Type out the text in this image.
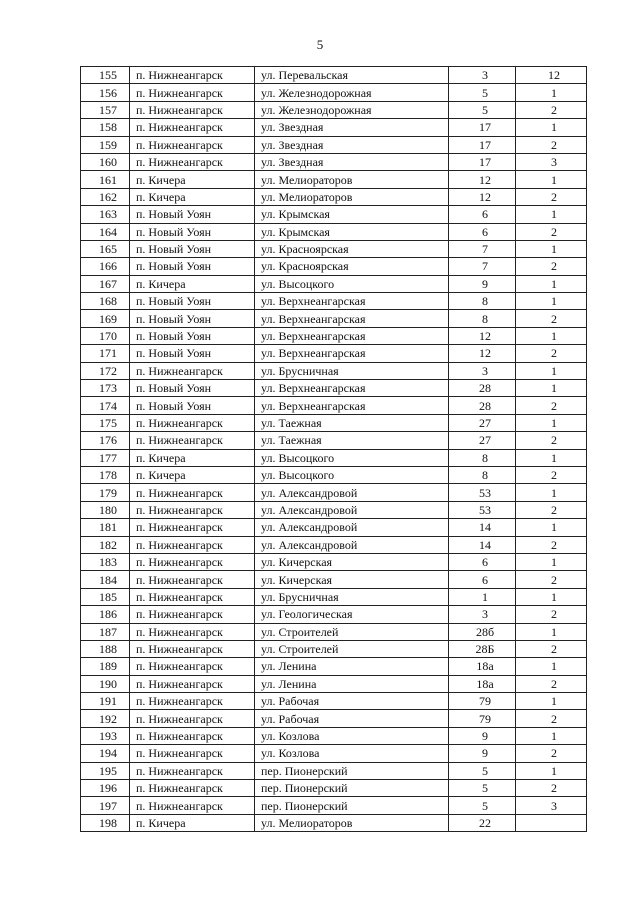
5
155	п. Нижнеангарск	ул. Перевальская	3	12
156	п. Нижнеангарск	ул. Железнодорожная	5	1
157	п. Нижнеангарск	ул. Железнодорожная	5	2
158	п. Нижнеангарск	ул. Звездная	17	1
159	п. Нижнеангарск	ул. Звездная	17	2
160	п. Нижнеангарск	ул. Звездная	17	3
161	п. Кичера	ул. Мелиораторов	12	1
162	п. Кичера	ул. Мелиораторов	12	2
163	п. Новый Уоян	ул. Крымская	6	1
164	п. Новый Уоян	ул. Крымская	6	2
165	п. Новый Уоян	ул. Красноярская	7	1
166	п. Новый Уоян	ул. Красноярская	7	2
167	п. Кичера	ул. Высоцкого	9	1
168	п. Новый Уоян	ул. Верхнеангарская	8	1
169	п. Новый Уоян	ул. Верхнеангарская	8	2
170	п. Новый Уоян	ул. Верхнеангарская	12	1
171	п. Новый Уоян	ул. Верхнеангарская	12	2
172	п. Нижнеангарск	ул. Брусничная	3	1
173	п. Новый Уоян	ул. Верхнеангарская	28	1
174	п. Новый Уоян	ул. Верхнеангарская	28	2
175	п. Нижнеангарск	ул. Таежная	27	1
176	п. Нижнеангарск	ул. Таежная	27	2
177	п. Кичера	ул. Высоцкого	8	1
178	п. Кичера	ул. Высоцкого	8	2
179	п. Нижнеангарск	ул. Александровой	53	1
180	п. Нижнеангарск	ул. Александровой	53	2
181	п. Нижнеангарск	ул. Александровой	14	1
182	п. Нижнеангарск	ул. Александровой	14	2
183	п. Нижнеангарск	ул. Кичерская	6	1
184	п. Нижнеангарск	ул. Кичерская	6	2
185	п. Нижнеангарск	ул. Брусничная	1	1
186	п. Нижнеангарск	ул. Геологическая	3	2
187	п. Нижнеангарск	ул. Строителей	28б	1
188	п. Нижнеангарск	ул. Строителей	28Б	2
189	п. Нижнеангарск	ул. Ленина	18а	1
190	п. Нижнеангарск	ул. Ленина	18а	2
191	п. Нижнеангарск	ул. Рабочая	79	1
192	п. Нижнеангарск	ул. Рабочая	79	2
193	п. Нижнеангарск	ул. Козлова	9	1
194	п. Нижнеангарск	ул. Козлова	9	2
195	п. Нижнеангарск	пер. Пионерский	5	1
196	п. Нижнеангарск	пер. Пионерский	5	2
197	п. Нижнеангарск	пер. Пионерский	5	3
198	п. Кичера	ул. Мелиораторов	22	
